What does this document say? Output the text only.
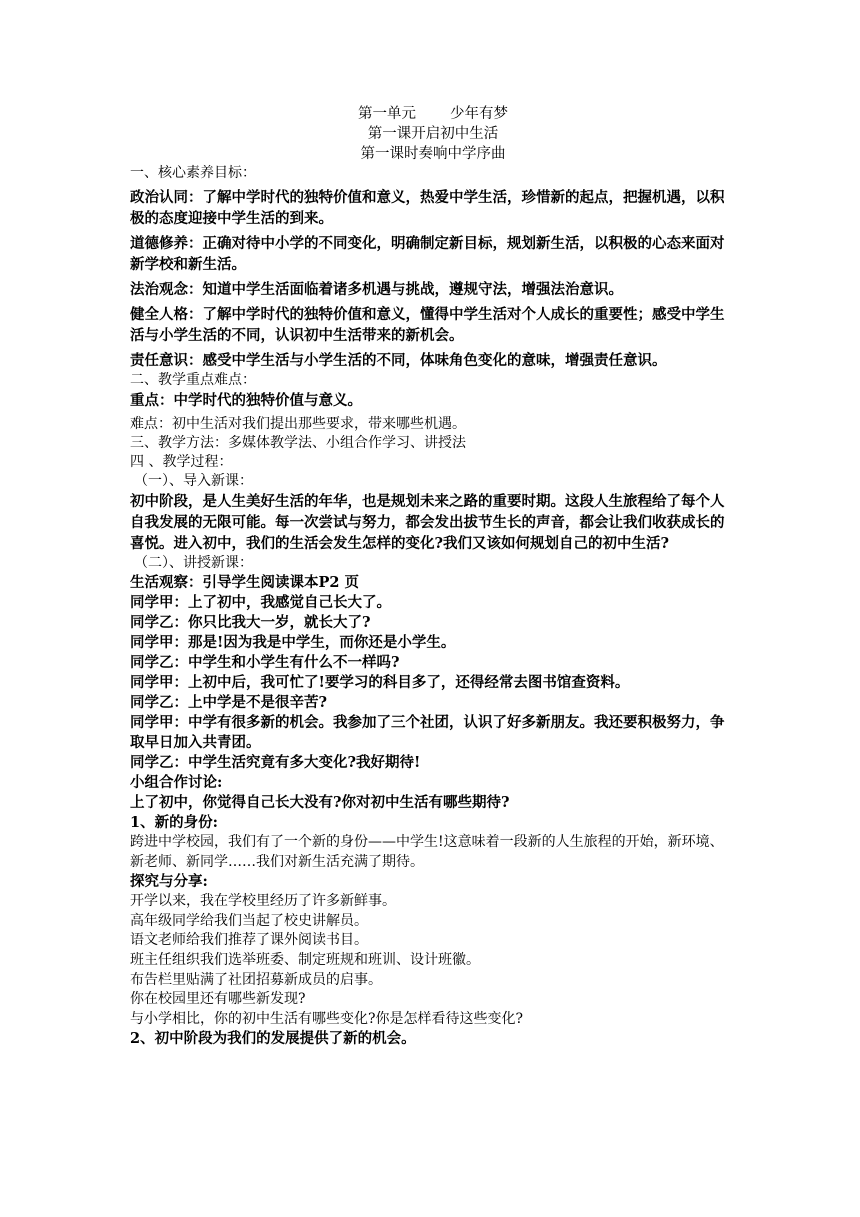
第一单元 少年有梦

第一课开启初中生活

第一课时奏响中学序曲

一、核心素养目标：

政治认同：了解中学时代的独特价值和意义，热爱中学生活，珍惜新的起点，把握机遇，以积极的态度迎接中学生活的到来。

道德修养：正确对待中小学的不同变化，明确制定新目标，规划新生活，以积极的心态来面对新学校和新生活。

法治观念：知道中学生活面临着诸多机遇与挑战，遵规守法，增强法治意识。

健全人格：了解中学时代的独特价值和意义，懂得中学生活对个人成长的重要性；感受中学生活与小学生活的不同，认识初中生活带来的新机会。

责任意识：感受中学生活与小学生活的不同，体味角色变化的意味，增强责任意识。

二、教学重点难点：

重点：中学时代的独特价值与意义。

难点：初中生活对我们提出那些要求，带来哪些机遇。

三、教学方法：多媒体教学法、小组合作学习、讲授法

四 、教学过程：

（一）、导入新课：

初中阶段，是人生美好生活的年华，也是规划未来之路的重要时期。这段人生旅程给了每个人自我发展的无限可能。每一次尝试与努力，都会发出拔节生长的声音，都会让我们收获成长的喜悦。进入初中，我们的生活会发生怎样的变化?我们又该如何规划自己的初中生活?

（二）、讲授新课：

生活观察：引导学生阅读课本P2 页

同学甲：上了初中，我感觉自己长大了。

同学乙：你只比我大一岁，就长大了?

同学甲：那是!因为我是中学生，而你还是小学生。

同学乙：中学生和小学生有什么不一样吗?

同学甲：上初中后，我可忙了!要学习的科目多了，还得经常去图书馆查资料。

同学乙：上中学是不是很辛苦?

同学甲：中学有很多新的机会。我参加了三个社团，认识了好多新朋友。我还要积极努力，争取早日加入共青团。

同学乙：中学生活究竟有多大变化?我好期待!

小组合作讨论:

上了初中，你觉得自己长大没有?你对初中生活有哪些期待?

1、新的身份:

跨进中学校园，我们有了一个新的身份——中学生!这意味着一段新的人生旅程的开始，新环境、新老师、新同学……我们对新生活充满了期待。

探究与分享:

开学以来，我在学校里经历了许多新鲜事。

高年级同学给我们当起了校史讲解员。

语文老师给我们推荐了课外阅读书目。

班主任组织我们选举班委、制定班规和班训、设计班徽。

布告栏里贴满了社团招募新成员的启事。

你在校园里还有哪些新发现?

与小学相比，你的初中生活有哪些变化?你是怎样看待这些变化?

2、初中阶段为我们的发展提供了新的机会。
